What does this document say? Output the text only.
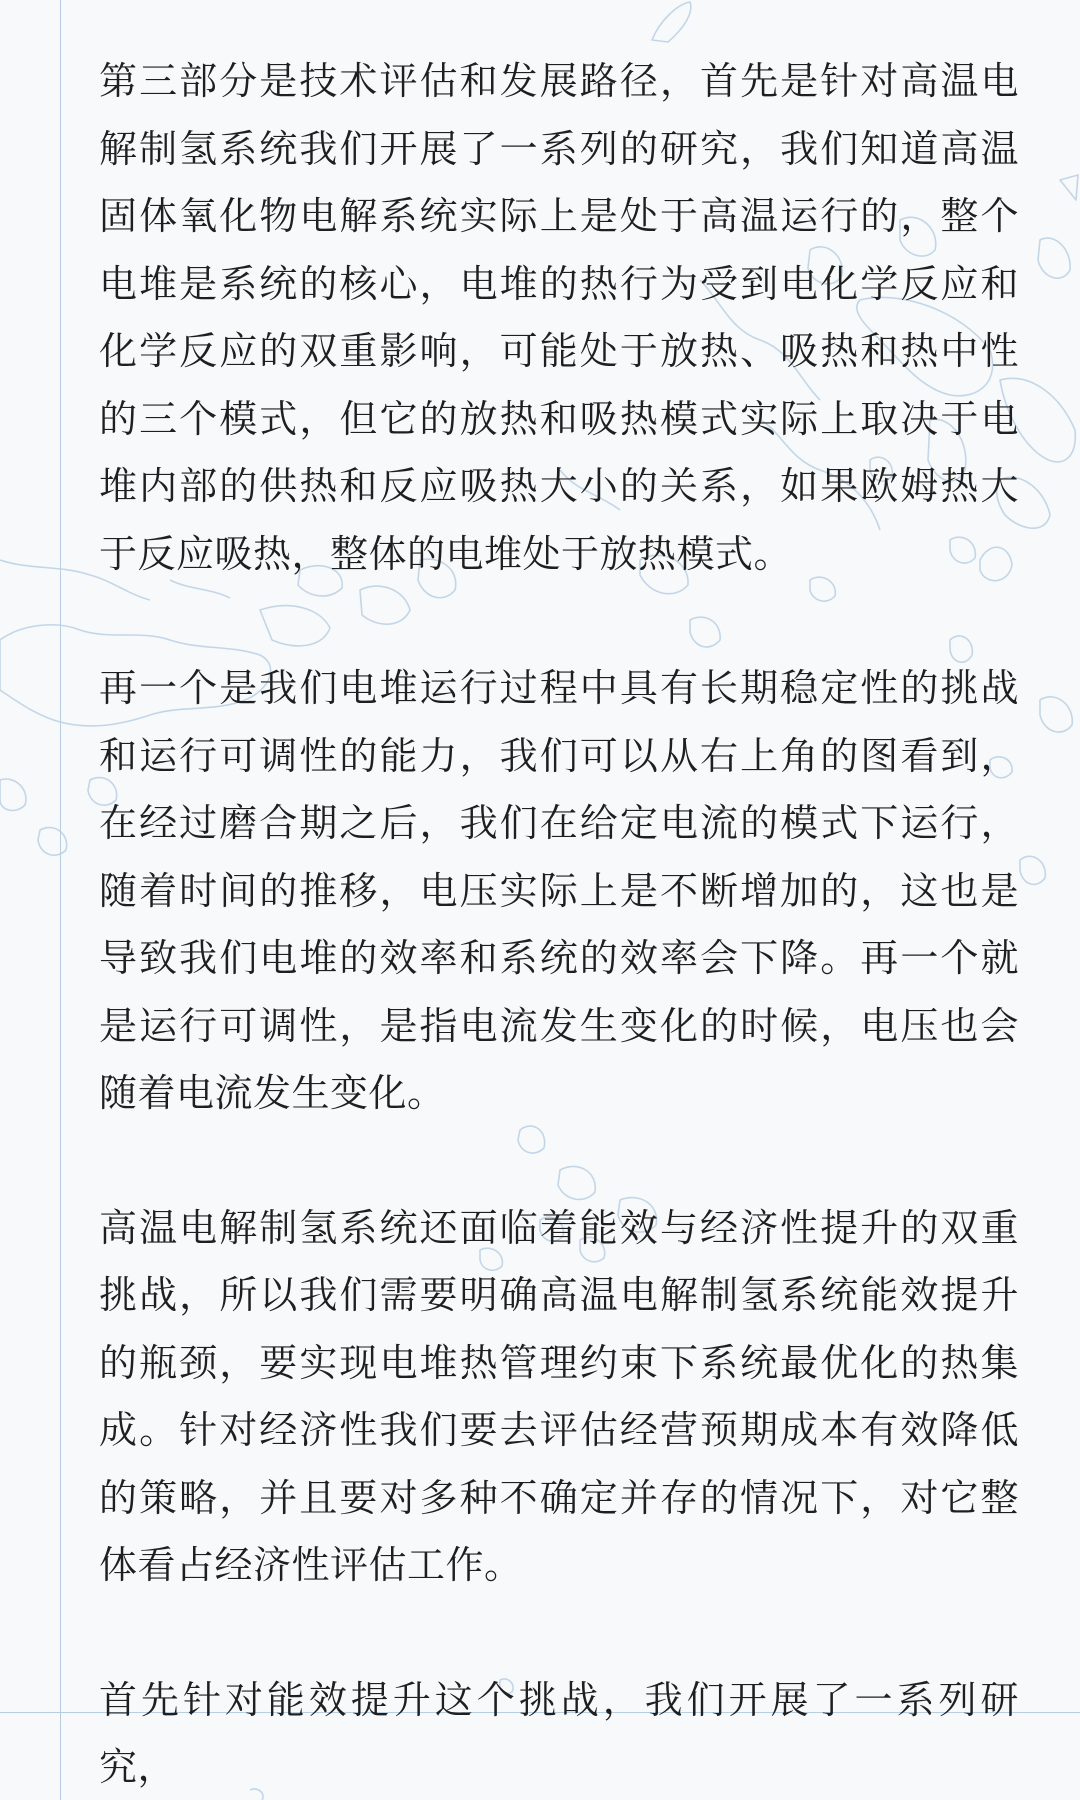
第三部分是技术评估和发展路径，首先是针对高温电解制氢系统我们开展了一系列的研究，我们知道高温固体氧化物电解系统实际上是处于高温运行的，整个电堆是系统的核心，电堆的热行为受到电化学反应和化学反应的双重影响，可能处于放热、吸热和热中性的三个模式，但它的放热和吸热模式实际上取决于电堆内部的供热和反应吸热大小的关系，如果欧姆热大于反应吸热，整体的电堆处于放热模式。

再一个是我们电堆运行过程中具有长期稳定性的挑战和运行可调性的能力，我们可以从右上角的图看到，在经过磨合期之后，我们在给定电流的模式下运行，随着时间的推移，电压实际上是不断增加的，这也是导致我们电堆的效率和系统的效率会下降。再一个就是运行可调性，是指电流发生变化的时候，电压也会随着电流发生变化。

高温电解制氢系统还面临着能效与经济性提升的双重挑战，所以我们需要明确高温电解制氢系统能效提升的瓶颈，要实现电堆热管理约束下系统最优化的热集成。针对经济性我们要去评估经营预期成本有效降低的策略，并且要对多种不确定并存的情况下，对它整体看占经济性评估工作。

首先针对能效提升这个挑战，我们开展了一系列研究，
